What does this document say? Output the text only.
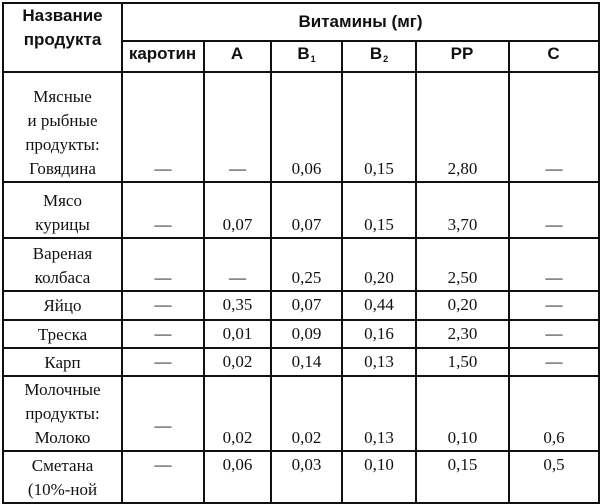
Название
продукта	Витамины (мг)					
	каротин	А	$В_1$	$В_2$	РР	С
Мясные
и рыбные
продукты:
Говядина	—	—	0,06	0,15	2,80	—
Мясо
курицы	—	0,07	0,07	0,15	3,70	—
Вареная
колбаса	—	—	0,25	0,20	2,50	—
Яйцо	—	0,35	0,07	0,44	0,20	—
Треска	—	0,01	0,09	0,16	2,30	—
Карп	—	0,02	0,14	0,13	1,50	—
Молочные
продукты:
Молоко	—	0,02	0,02	0,13	0,10	0,6
Сметана
(10%-ной	—	0,06	0,03	0,10	0,15	0,5
